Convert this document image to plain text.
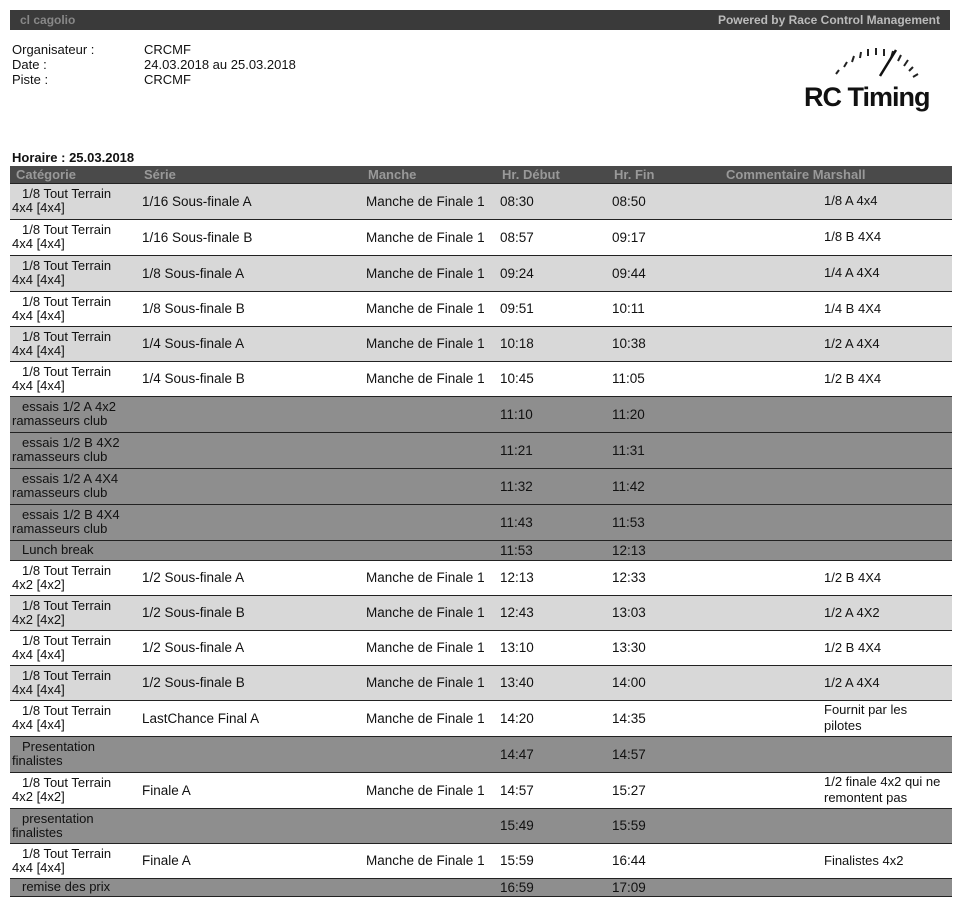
cl cagolio	Powered by Race Control Management
Organisateur :	CRCMF
Date :	24.03.2018 au 25.03.2018
Piste :	CRCMF
RC Timing
Horaire : 25.03.2018
Catégorie	Série	Manche	Hr. Début	Hr. Fin	Commentaire Marshall

1/8 Tout Terrain
4x4 [4x4]	1/16 Sous-finale A	Manche de Finale 1	08:30	08:50	1/8 A 4x4

1/8 Tout Terrain
4x4 [4x4]	1/16 Sous-finale B	Manche de Finale 1	08:57	09:17	1/8 B 4X4

1/8 Tout Terrain
4x4 [4x4]	1/8 Sous-finale A	Manche de Finale 1	09:24	09:44	1/4 A 4X4

1/8 Tout Terrain
4x4 [4x4]	1/8 Sous-finale B	Manche de Finale 1	09:51	10:11	1/4 B 4X4

1/8 Tout Terrain
4x4 [4x4]	1/4 Sous-finale A	Manche de Finale 1	10:18	10:38	1/2 A 4X4

1/8 Tout Terrain
4x4 [4x4]	1/4 Sous-finale B	Manche de Finale 1	10:45	11:05	1/2 B 4X4

essais 1/2 A 4x2
ramasseurs club			11:10	11:20	

essais 1/2 B 4X2
ramasseurs club			11:21	11:31	

essais 1/2 A 4X4
ramasseurs club			11:32	11:42	

essais 1/2 B 4X4
ramasseurs club			11:43	11:53	

Lunch break			11:53	12:13	

1/8 Tout Terrain
4x2 [4x2]	1/2 Sous-finale A	Manche de Finale 1	12:13	12:33	1/2 B 4X4

1/8 Tout Terrain
4x2 [4x2]	1/2 Sous-finale B	Manche de Finale 1	12:43	13:03	1/2 A 4X2

1/8 Tout Terrain
4x4 [4x4]	1/2 Sous-finale A	Manche de Finale 1	13:10	13:30	1/2 B 4X4

1/8 Tout Terrain
4x4 [4x4]	1/2 Sous-finale B	Manche de Finale 1	13:40	14:00	1/2 A 4X4

1/8 Tout Terrain
4x4 [4x4]	LastChance Final A	Manche de Finale 1	14:20	14:35	Fournit par les pilotes

Presentation
finalistes			14:47	14:57	

1/8 Tout Terrain
4x2 [4x2]	Finale A	Manche de Finale 1	14:57	15:27	1/2 finale 4x2 qui ne remontent pas

presentation
finalistes			15:49	15:59	

1/8 Tout Terrain
4x4 [4x4]	Finale A	Manche de Finale 1	15:59	16:44	Finalistes 4x2

remise des prix			16:59	17:09	
